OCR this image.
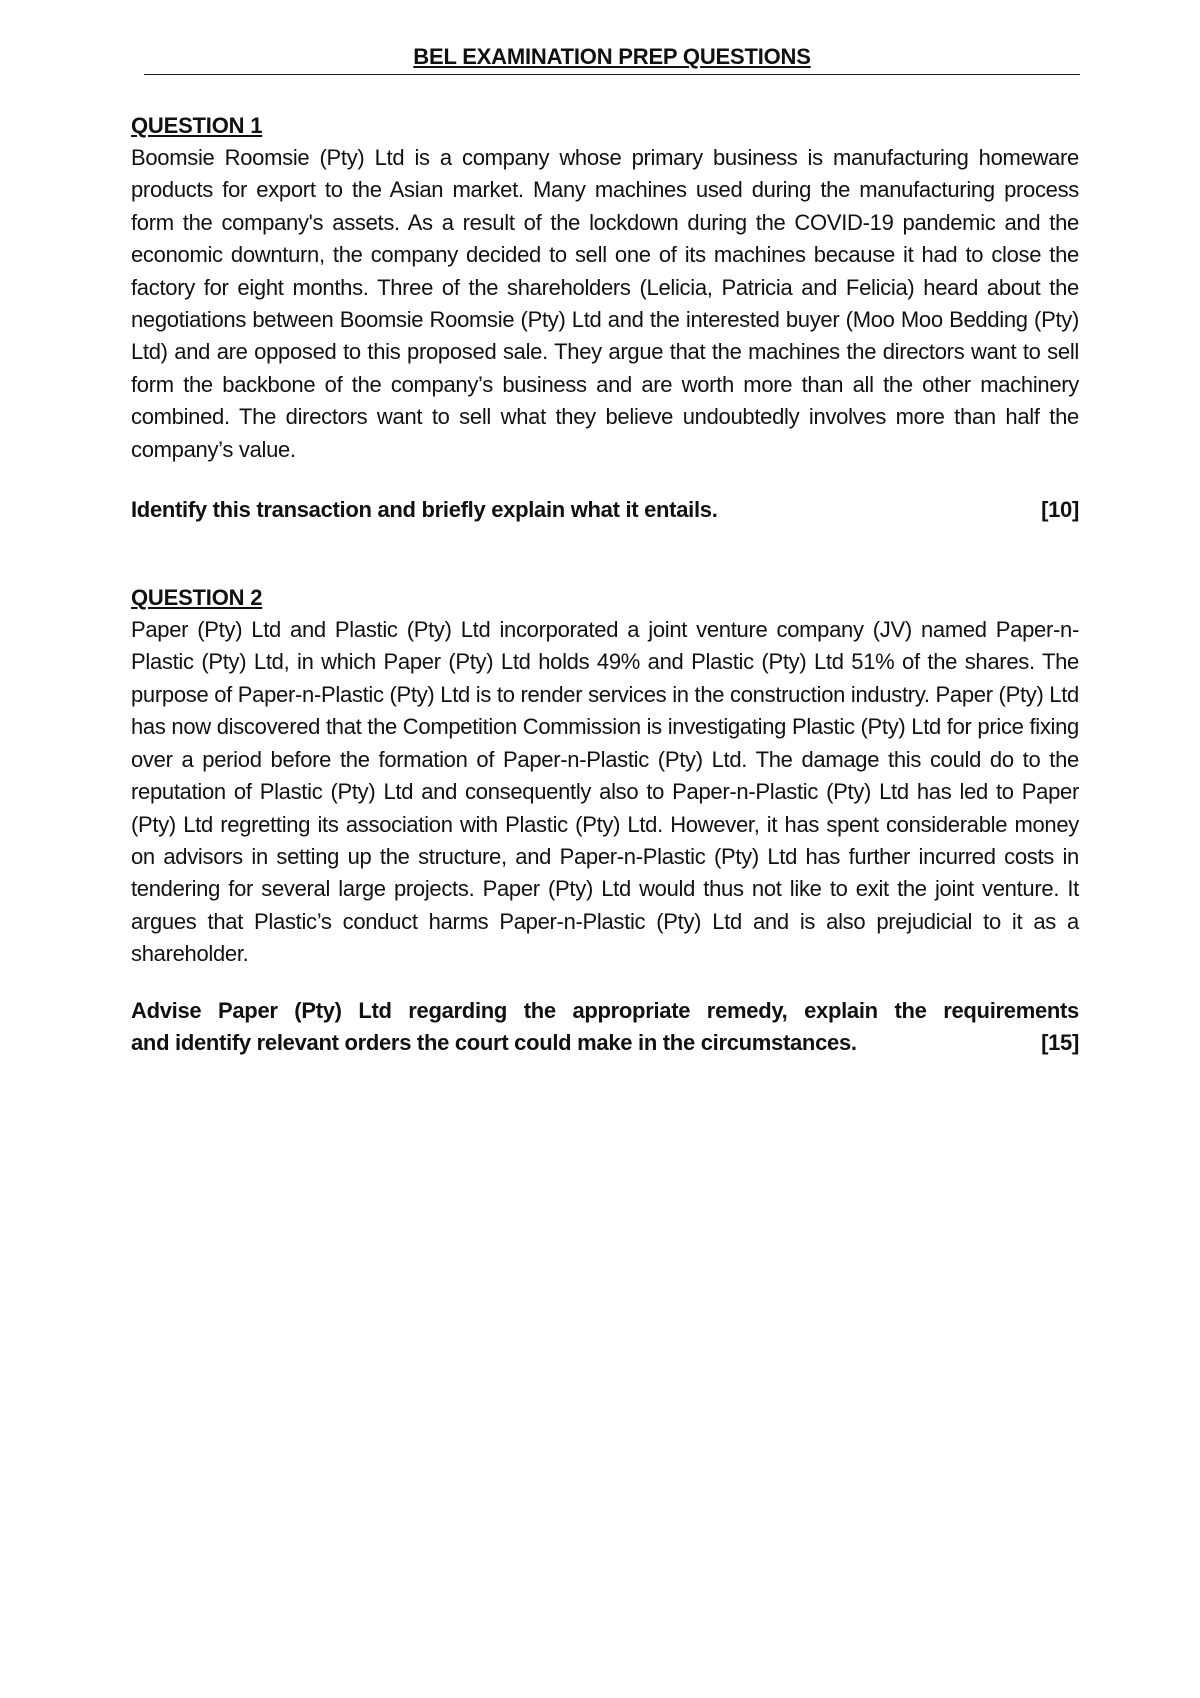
BEL EXAMINATION PREP QUESTIONS

QUESTION 1

Boomsie Roomsie (Pty) Ltd is a company whose primary business is manufacturing homeware products for export to the Asian market. Many machines used during the manufacturing process form the company's assets. As a result of the lockdown during the COVID-19 pandemic and the economic downturn, the company decided to sell one of its machines because it had to close the factory for eight months. Three of the shareholders (Lelicia, Patricia and Felicia) heard about the negotiations between Boomsie Roomsie (Pty) Ltd and the interested buyer (Moo Moo Bedding (Pty) Ltd) and are opposed to this proposed sale. They argue that the machines the directors want to sell form the backbone of the company’s business and are worth more than all the other machinery combined. The directors want to sell what they believe undoubtedly involves more than half the company’s value.

Identify this transaction and briefly explain what it entails.	[10]

QUESTION 2

Paper (Pty) Ltd and Plastic (Pty) Ltd incorporated a joint venture company (JV) named Paper-n-Plastic (Pty) Ltd, in which Paper (Pty) Ltd holds 49% and Plastic (Pty) Ltd 51% of the shares. The purpose of Paper-n-Plastic (Pty) Ltd is to render services in the construction industry. Paper (Pty) Ltd has now discovered that the Competition Commission is investigating Plastic (Pty) Ltd for price fixing over a period before the formation of Paper-n-Plastic (Pty) Ltd. The damage this could do to the reputation of Plastic (Pty) Ltd and consequently also to Paper-n-Plastic (Pty) Ltd has led to Paper (Pty) Ltd regretting its association with Plastic (Pty) Ltd. However, it has spent considerable money on advisors in setting up the structure, and Paper-n-Plastic (Pty) Ltd has further incurred costs in tendering for several large projects. Paper (Pty) Ltd would thus not like to exit the joint venture. It argues that Plastic’s conduct harms Paper-n-Plastic (Pty) Ltd and is also prejudicial to it as a shareholder.

Advise Paper (Pty) Ltd regarding the appropriate remedy, explain the requirements

and identify relevant orders the court could make in the circumstances.	[15]
